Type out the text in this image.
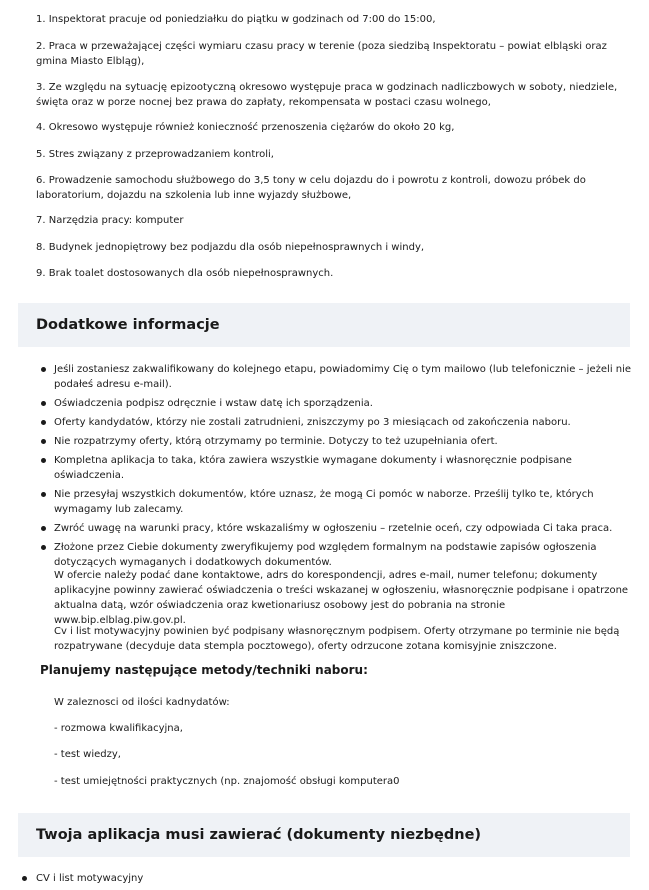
1. Inspektorat pracuje od poniedziałku do piątku w godzinach od 7:00 do 15:00,

2. Praca w przeważającej części wymiaru czasu pracy w terenie (poza siedzibą Inspektoratu – powiat elbląski oraz gmina Miasto Elbląg),

3. Ze względu na sytuację epizootyczną okresowo występuje praca w godzinach nadliczbowych w soboty, niedziele, święta oraz w porze nocnej bez prawa do zapłaty, rekompensata w postaci czasu wolnego,

4. Okresowo występuje również konieczność przenoszenia ciężarów do około 20 kg,

5. Stres związany z przeprowadzaniem kontroli,

6. Prowadzenie samochodu służbowego do 3,5 tony w celu dojazdu do i powrotu z kontroli, dowozu próbek do laboratorium, dojazdu na szkolenia lub inne wyjazdy służbowe,

7. Narzędzia pracy: komputer

8. Budynek jednopiętrowy bez podjazdu dla osób niepełnosprawnych i windy,

9. Brak toalet dostosowanych dla osób niepełnosprawnych.

Dodatkowe informacje
Jeśli zostaniesz zakwalifikowany do kolejnego etapu, powiadomimy Cię o tym mailowo (lub telefonicznie – jeżeli nie podałeś adresu e-mail).
Oświadczenia podpisz odręcznie i wstaw datę ich sporządzenia.
Oferty kandydatów, którzy nie zostali zatrudnieni, zniszczymy po 3 miesiącach od zakończenia naboru.
Nie rozpatrzymy oferty, którą otrzymamy po terminie. Dotyczy to też uzupełniania ofert.
Kompletna aplikacja to taka, która zawiera wszystkie wymagane dokumenty i własnoręcznie podpisane oświadczenia.
Nie przesyłaj wszystkich dokumentów, które uznasz, że mogą Ci pomóc w naborze. Prześlij tylko te, których wymagamy lub zalecamy.
Zwróć uwagę na warunki pracy, które wskazaliśmy w ogłoszeniu – rzetelnie oceń, czy odpowiada Ci taka praca.
Złożone przez Ciebie dokumenty zweryfikujemy pod względem formalnym na podstawie zapisów ogłoszenia dotyczących wymaganych i dodatkowych dokumentów.

W ofercie należy podać dane kontaktowe, adrs do korespondencji, adres e-mail, numer telefonu; dokumenty aplikacyjne powinny zawierać oświadczenia o treści wskazanej w ogłoszeniu, własnoręcznie podpisane i opatrzone aktualna datą, wzór oświadczenia oraz kwetionariusz osobowy jest do pobrania na stronie www.bip.elblag.piw.gov.pl.

Cv i list motywacyjny powinien być podpisany własnoręcznym podpisem. Oferty otrzymane po terminie nie będą rozpatrywane (decyduje data stempla pocztowego), oferty odrzucone zotana komisyjnie zniszczone.

Planujemy następujące metody/techniki naboru:

W zaleznosci od ilości kadnydatów:

- rozmowa kwalifikacyjna,

- test wiedzy,

- test umiejętności praktycznych (np. znajomość obsługi komputera0

Twoja aplikacja musi zawierać (dokumenty niezbędne)
CV i list motywacyjny
